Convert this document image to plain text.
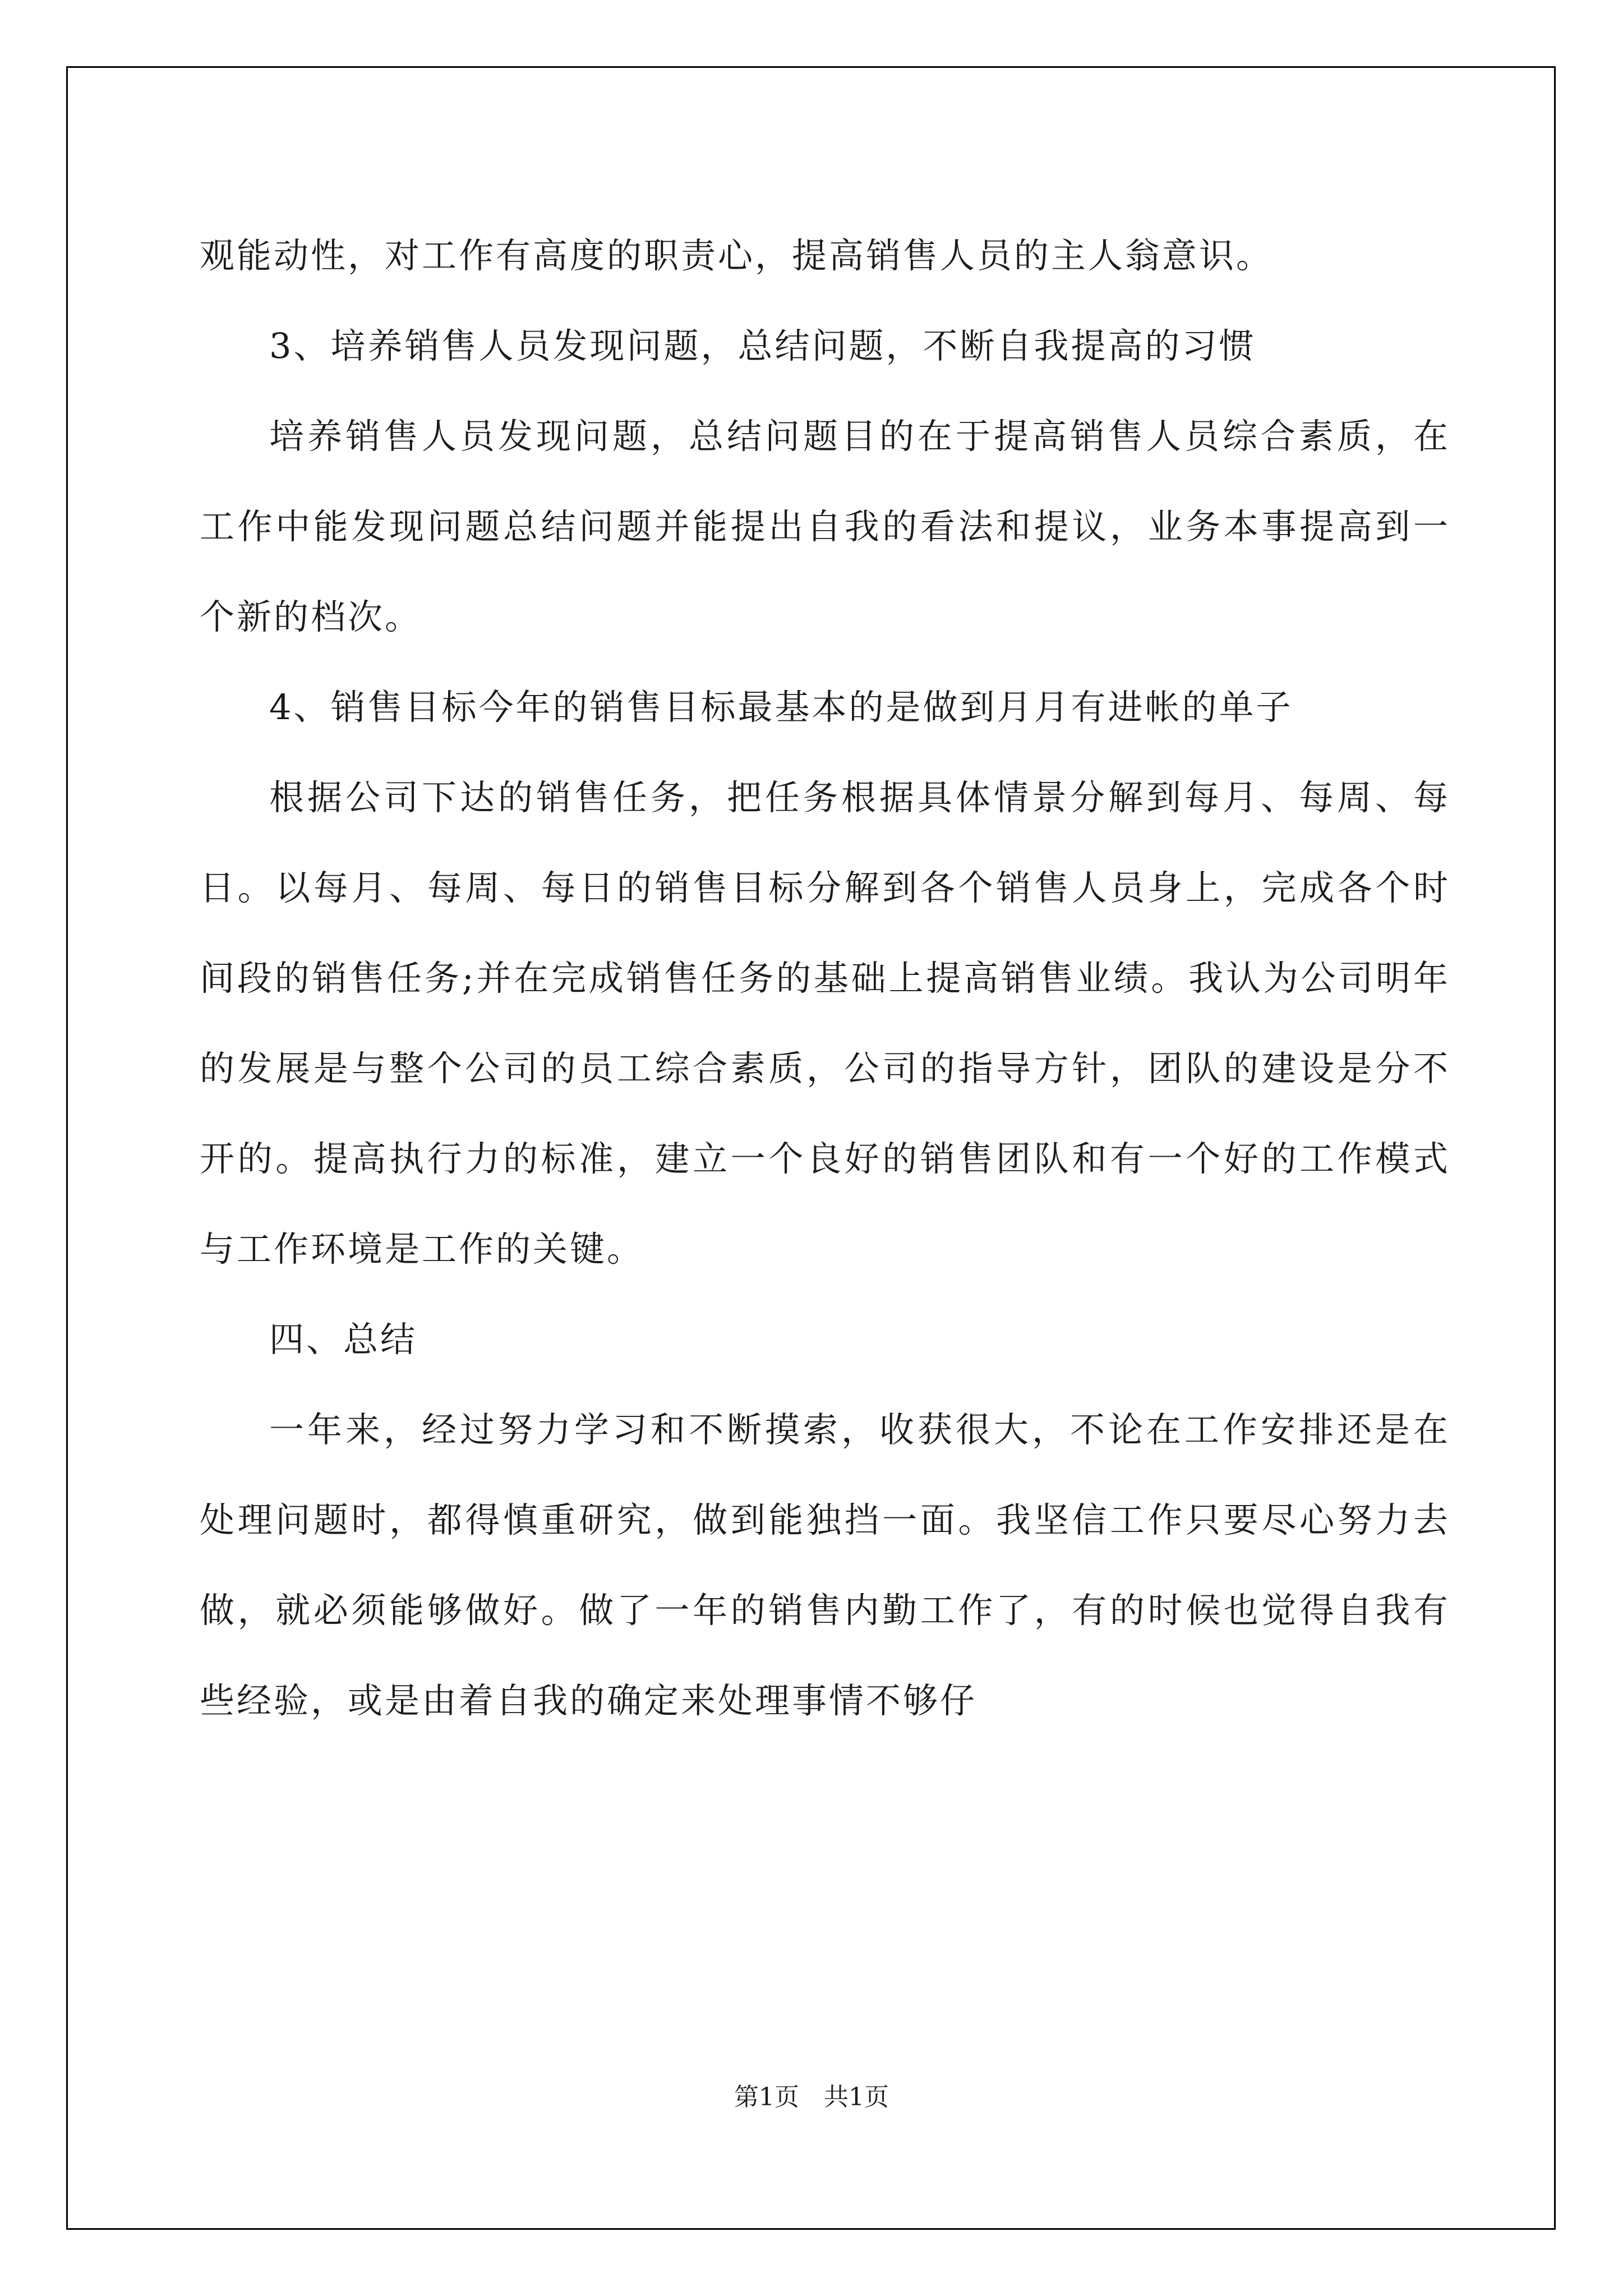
观能动性，对工作有高度的职责心，提高销售人员的主人翁意识。

3、培养销售人员发现问题，总结问题，不断自我提高的习惯

培养销售人员发现问题，总结问题目的在于提高销售人员综合素质，在工作中能发现问题总结问题并能提出自我的看法和提议，业务本事提高到一个新的档次。

4、销售目标今年的销售目标最基本的是做到月月有进帐的单子

根据公司下达的销售任务，把任务根据具体情景分解到每月、每周、每日。以每月、每周、每日的销售目标分解到各个销售人员身上，完成各个时间段的销售任务;并在完成销售任务的基础上提高销售业绩。我认为公司明年的发展是与整个公司的员工综合素质，公司的指导方针，团队的建设是分不开的。提高执行力的标准，建立一个良好的销售团队和有一个好的工作模式与工作环境是工作的关键。

四、总结

一年来，经过努力学习和不断摸索，收获很大，不论在工作安排还是在处理问题时，都得慎重研究，做到能独挡一面。我坚信工作只要尽心努力去做，就必须能够做好。做了一年的销售内勤工作了，有的时候也觉得自我有些经验，或是由着自我的确定来处理事情不够仔

第1页 共1页
